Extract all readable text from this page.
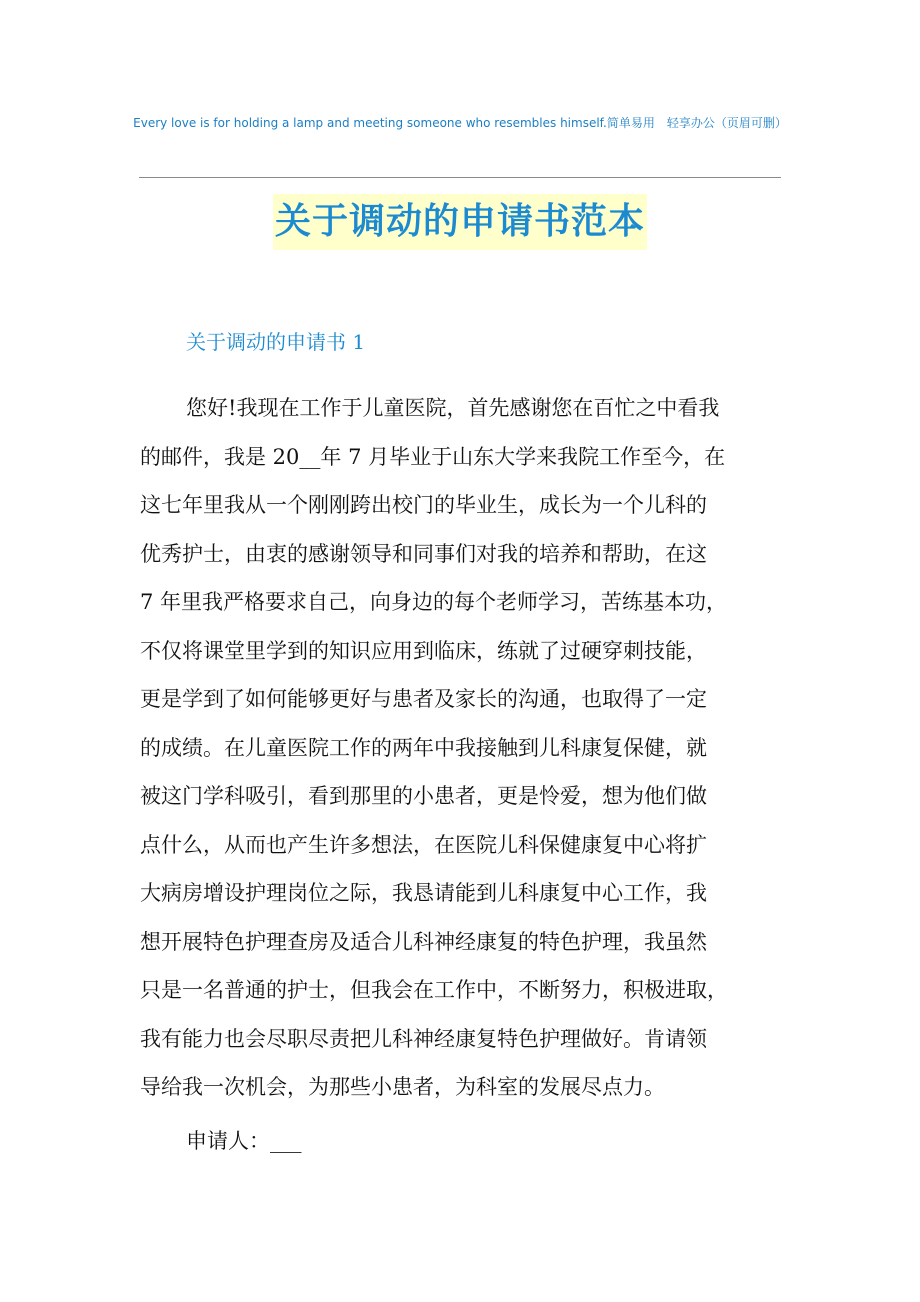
Every love is for holding a lamp and meeting someone who resembles himself.简单易用　轻享办公（页眉可删）
关于调动的申请书范本
关于调动的申请书 1
您好!我现在工作于儿童医院，首先感谢您在百忙之中看我
的邮件，我是 20__年 7 月毕业于山东大学来我院工作至今，在
这七年里我从一个刚刚跨出校门的毕业生，成长为一个儿科的
优秀护士，由衷的感谢领导和同事们对我的培养和帮助，在这
7 年里我严格要求自己，向身边的每个老师学习，苦练基本功，
不仅将课堂里学到的知识应用到临床，练就了过硬穿刺技能，
更是学到了如何能够更好与患者及家长的沟通，也取得了一定
的成绩。在儿童医院工作的两年中我接触到儿科康复保健，就
被这门学科吸引，看到那里的小患者，更是怜爱，想为他们做
点什么，从而也产生许多想法，在医院儿科保健康复中心将扩
大病房增设护理岗位之际，我恳请能到儿科康复中心工作，我
想开展特色护理查房及适合儿科神经康复的特色护理，我虽然
只是一名普通的护士，但我会在工作中，不断努力，积极进取，
我有能力也会尽职尽责把儿科神经康复特色护理做好。肯请领
导给我一次机会，为那些小患者，为科室的发展尽点力。
申请人：___
